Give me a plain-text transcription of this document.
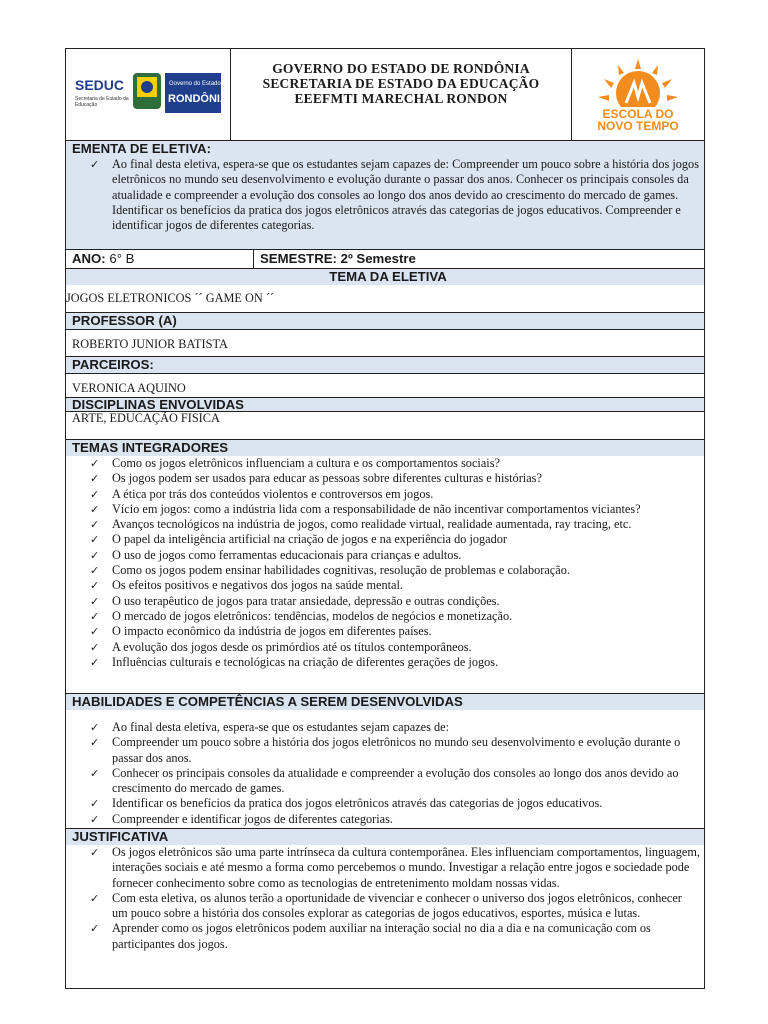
SEDUC
Secretaria de Estado da
Educação
Governo do Estado de
RONDÔNIA
GOVERNO DO ESTADO DE RONDÔNIA
SECRETARIA DE ESTADO DA EDUCAÇÃO
EEEFMTI MARECHAL RONDON
ESCOLA DO
NOVO TEMPO
EMENTA DE ELETIVA:
✓ Ao final desta eletiva, espera-se que os estudantes sejam capazes de: Compreender um pouco sobre a história dos jogos eletrônicos no mundo seu desenvolvimento e evolução durante o passar dos anos. Conhecer os principais consoles da atualidade e compreender a evolução dos consoles ao longo dos anos devido ao crescimento do mercado de games. Identificar os benefícios da pratica dos jogos eletrônicos através das categorias de jogos educativos. Compreender e identificar jogos de diferentes categorias.
ANO: 6° B	SEMESTRE: 2º Semestre
TEMA DA ELETIVA
JOGOS ELETRONICOS ´´ GAME ON ´´
PROFESSOR (A)
ROBERTO JUNIOR BATISTA
PARCEIROS:
VERONICA AQUINO
DISCIPLINAS ENVOLVIDAS
ARTE, EDUCAÇÃO FISICA
TEMAS INTEGRADORES
✓ Como os jogos eletrônicos influenciam a cultura e os comportamentos sociais?
✓ Os jogos podem ser usados para educar as pessoas sobre diferentes culturas e histórias?
✓ A ética por trás dos conteúdos violentos e controversos em jogos.
✓ Vício em jogos: como a indústria lida com a responsabilidade de não incentivar comportamentos viciantes?
✓ Avanços tecnológicos na indústria de jogos, como realidade virtual, realidade aumentada, ray tracing, etc.
✓ O papel da inteligência artificial na criação de jogos e na experiência do jogador
✓ O uso de jogos como ferramentas educacionais para crianças e adultos.
✓ Como os jogos podem ensinar habilidades cognitivas, resolução de problemas e colaboração.
✓ Os efeitos positivos e negativos dos jogos na saúde mental.
✓ O uso terapêutico de jogos para tratar ansiedade, depressão e outras condições.
✓ O mercado de jogos eletrônicos: tendências, modelos de negócios e monetização.
✓ O impacto econômico da indústria de jogos em diferentes países.
✓ A evolução dos jogos desde os primórdios até os títulos contemporâneos.
✓ Influências culturais e tecnológicas na criação de diferentes gerações de jogos.
HABILIDADES E COMPETÊNCIAS A SEREM DESENVOLVIDAS
✓ Ao final desta eletiva, espera-se que os estudantes sejam capazes de:
✓ Compreender um pouco sobre a história dos jogos eletrônicos no mundo seu desenvolvimento e evolução durante o passar dos anos.
✓ Conhecer os principais consoles da atualidade e compreender a evolução dos consoles ao longo dos anos devido ao crescimento do mercado de games.
✓ Identificar os benefícios da pratica dos jogos eletrônicos através das categorias de jogos educativos.
✓ Compreender e identificar jogos de diferentes categorias.
JUSTIFICATIVA
✓ Os jogos eletrônicos são uma parte intrínseca da cultura contemporânea. Eles influenciam comportamentos, linguagem, interações sociais e até mesmo a forma como percebemos o mundo. Investigar a relação entre jogos e sociedade pode fornecer conhecimento sobre como as tecnologias de entretenimento moldam nossas vidas.
✓ Com esta eletiva, os alunos terão a oportunidade de vivenciar e conhecer o universo dos jogos eletrônicos, conhecer um pouco sobre a história dos consoles explorar as categorias de jogos educativos, esportes, música e lutas.
✓ Aprender como os jogos eletrônicos podem auxiliar na interação social no dia a dia e na comunicação com os participantes dos jogos.
